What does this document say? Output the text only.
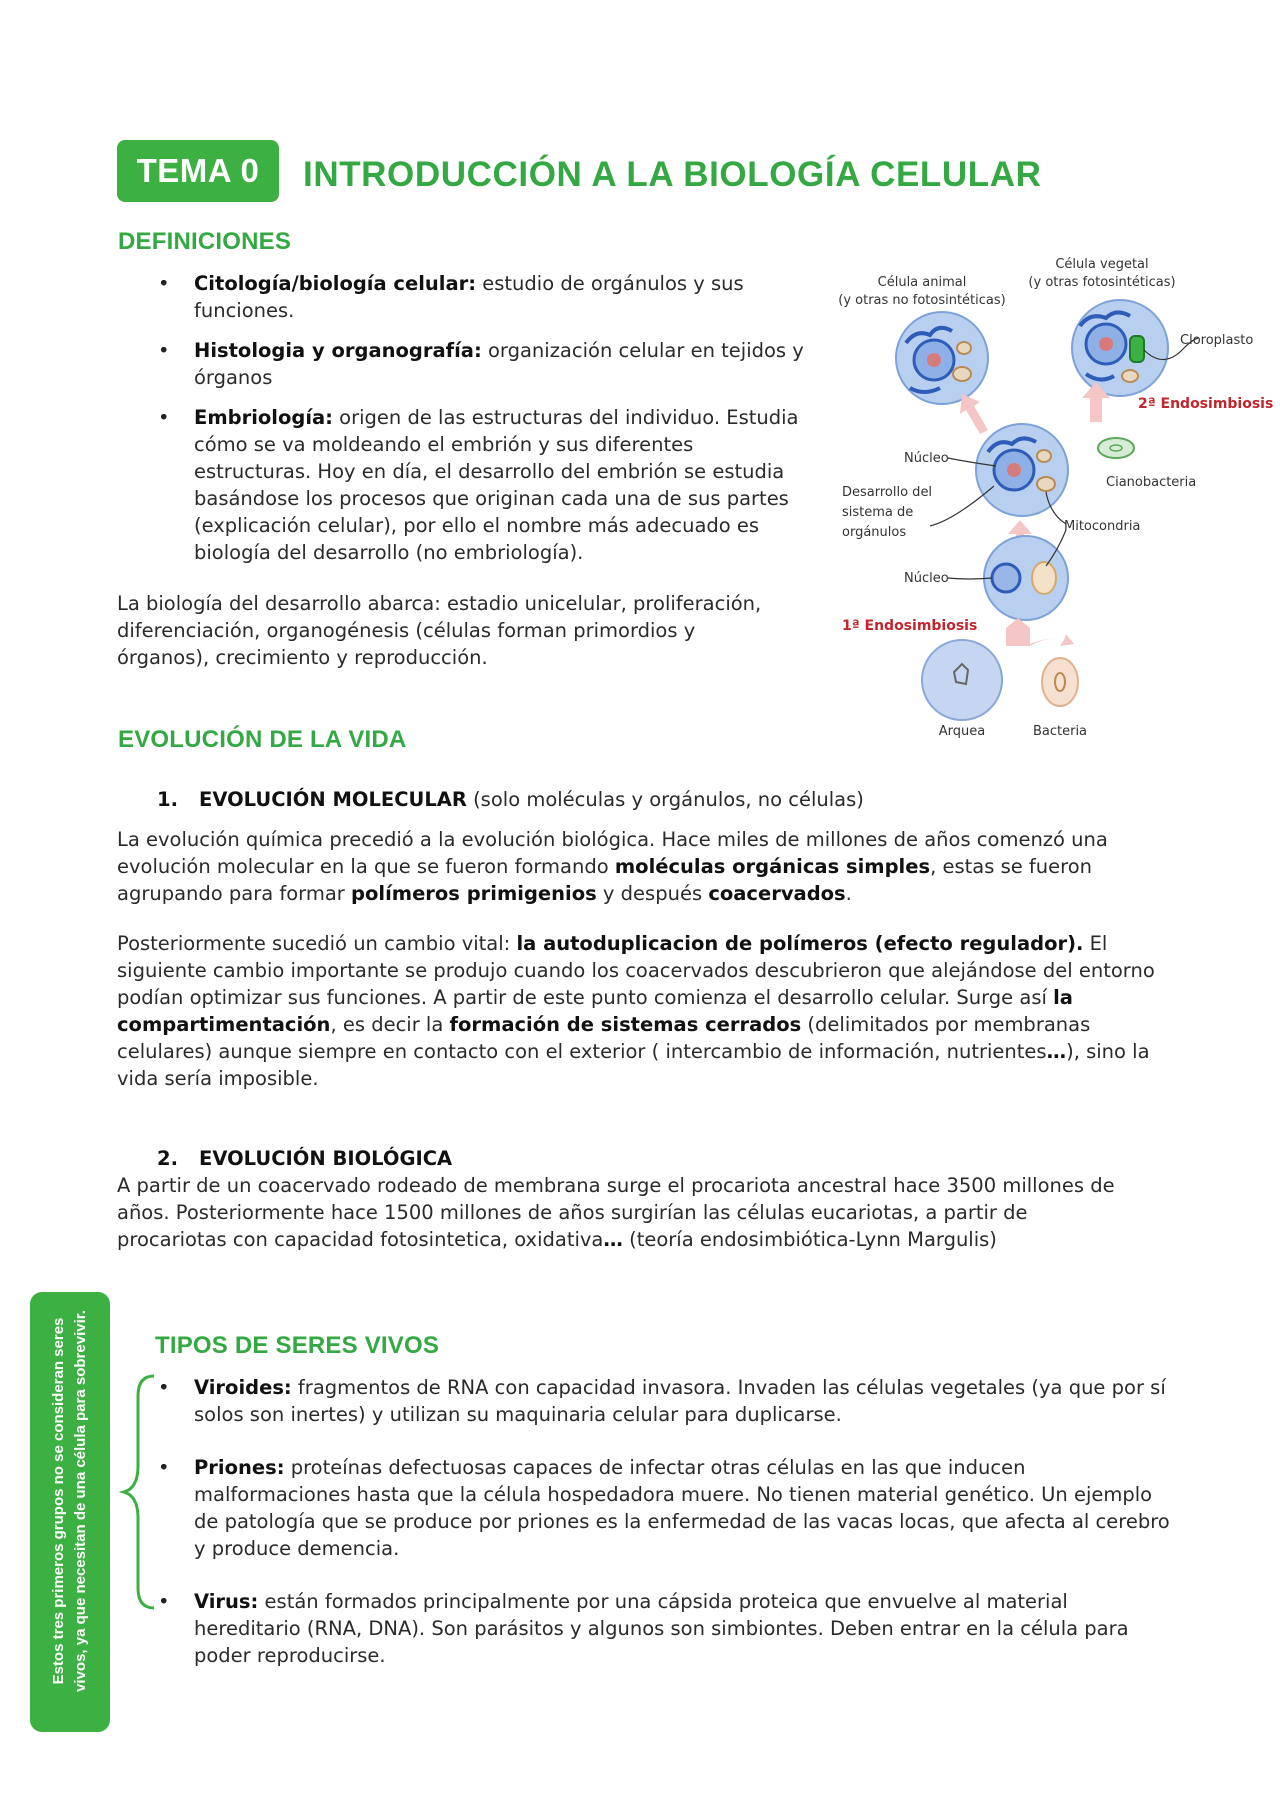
TEMA 0	INTRODUCCIÓN A LA BIOLOGÍA CELULAR
DEFINICIONES
• Citología/biología celular: estudio de orgánulos y sus funciones.
• Histologia y organografía: organización celular en tejidos y órganos
• Embriología: origen de las estructuras del individuo. Estudia cómo se va moldeando el embrión y sus diferentes estructuras. Hoy en día, el desarrollo del embrión se estudia basándose los procesos que originan cada una de sus partes (explicación celular), por ello el nombre más adecuado es biología del desarrollo (no embriología).

La biología del desarrollo abarca: estadio unicelular, proliferación, diferenciación, organogénesis (células forman primordios y órganos), crecimiento y reproducción.

Célula vegetal
(y otras fotosintéticas)
Célula animal
(y otras no fotosintéticas)
Cloroplasto
2ª Endosimbiosis
Cianobacteria
Núcleo
Desarrollo del
sistema de
orgánulos	Mitocondria
Núcleo
1ª Endosimbiosis
Arquea	Bacteria
EVOLUCIÓN DE LA VIDA
1. EVOLUCIÓN MOLECULAR (solo moléculas y orgánulos, no células)

La evolución química precedió a la evolución biológica. Hace miles de millones de años comenzó una evolución molecular en la que se fueron formando moléculas orgánicas simples, estas se fueron agrupando para formar polímeros primigenios y después coacervados.

Posteriormente sucedió un cambio vital: la autoduplicacion de polímeros (efecto regulador). El siguiente cambio importante se produjo cuando los coacervados descubrieron que alejándose del entorno podían optimizar sus funciones. A partir de este punto comienza el desarrollo celular. Surge así la compartimentación, es decir la formación de sistemas cerrados (delimitados por membranas celulares) aunque siempre en contacto con el exterior ( intercambio de información, nutrientes…), sino la vida sería imposible.

2. EVOLUCIÓN BIOLÓGICA

A partir de un coacervado rodeado de membrana surge el procariota ancestral hace 3500 millones de años. Posteriormente hace 1500 millones de años surgirían las células eucariotas, a partir de procariotas con capacidad fotosintetica, oxidativa… (teoría endosimbiótica-Lynn Margulis)

Estos tres primeros grupos no se consideran seres vivos, ya que necesitan de una célula para sobrevivir.	TIPOS DE SERES VIVOS
• Viroides: fragmentos de RNA con capacidad invasora. Invaden las células vegetales (ya que por sí solos son inertes) y utilizan su maquinaria celular para duplicarse.
• Priones: proteínas defectuosas capaces de infectar otras células en las que inducen malformaciones hasta que la célula hospedadora muere. No tienen material genético. Un ejemplo de patología que se produce por priones es la enfermedad de las vacas locas, que afecta al cerebro y produce demencia.
• Virus: están formados principalmente por una cápsida proteica que envuelve al material hereditario (RNA, DNA). Son parásitos y algunos son simbiontes. Deben entrar en la célula para poder reproducirse.
